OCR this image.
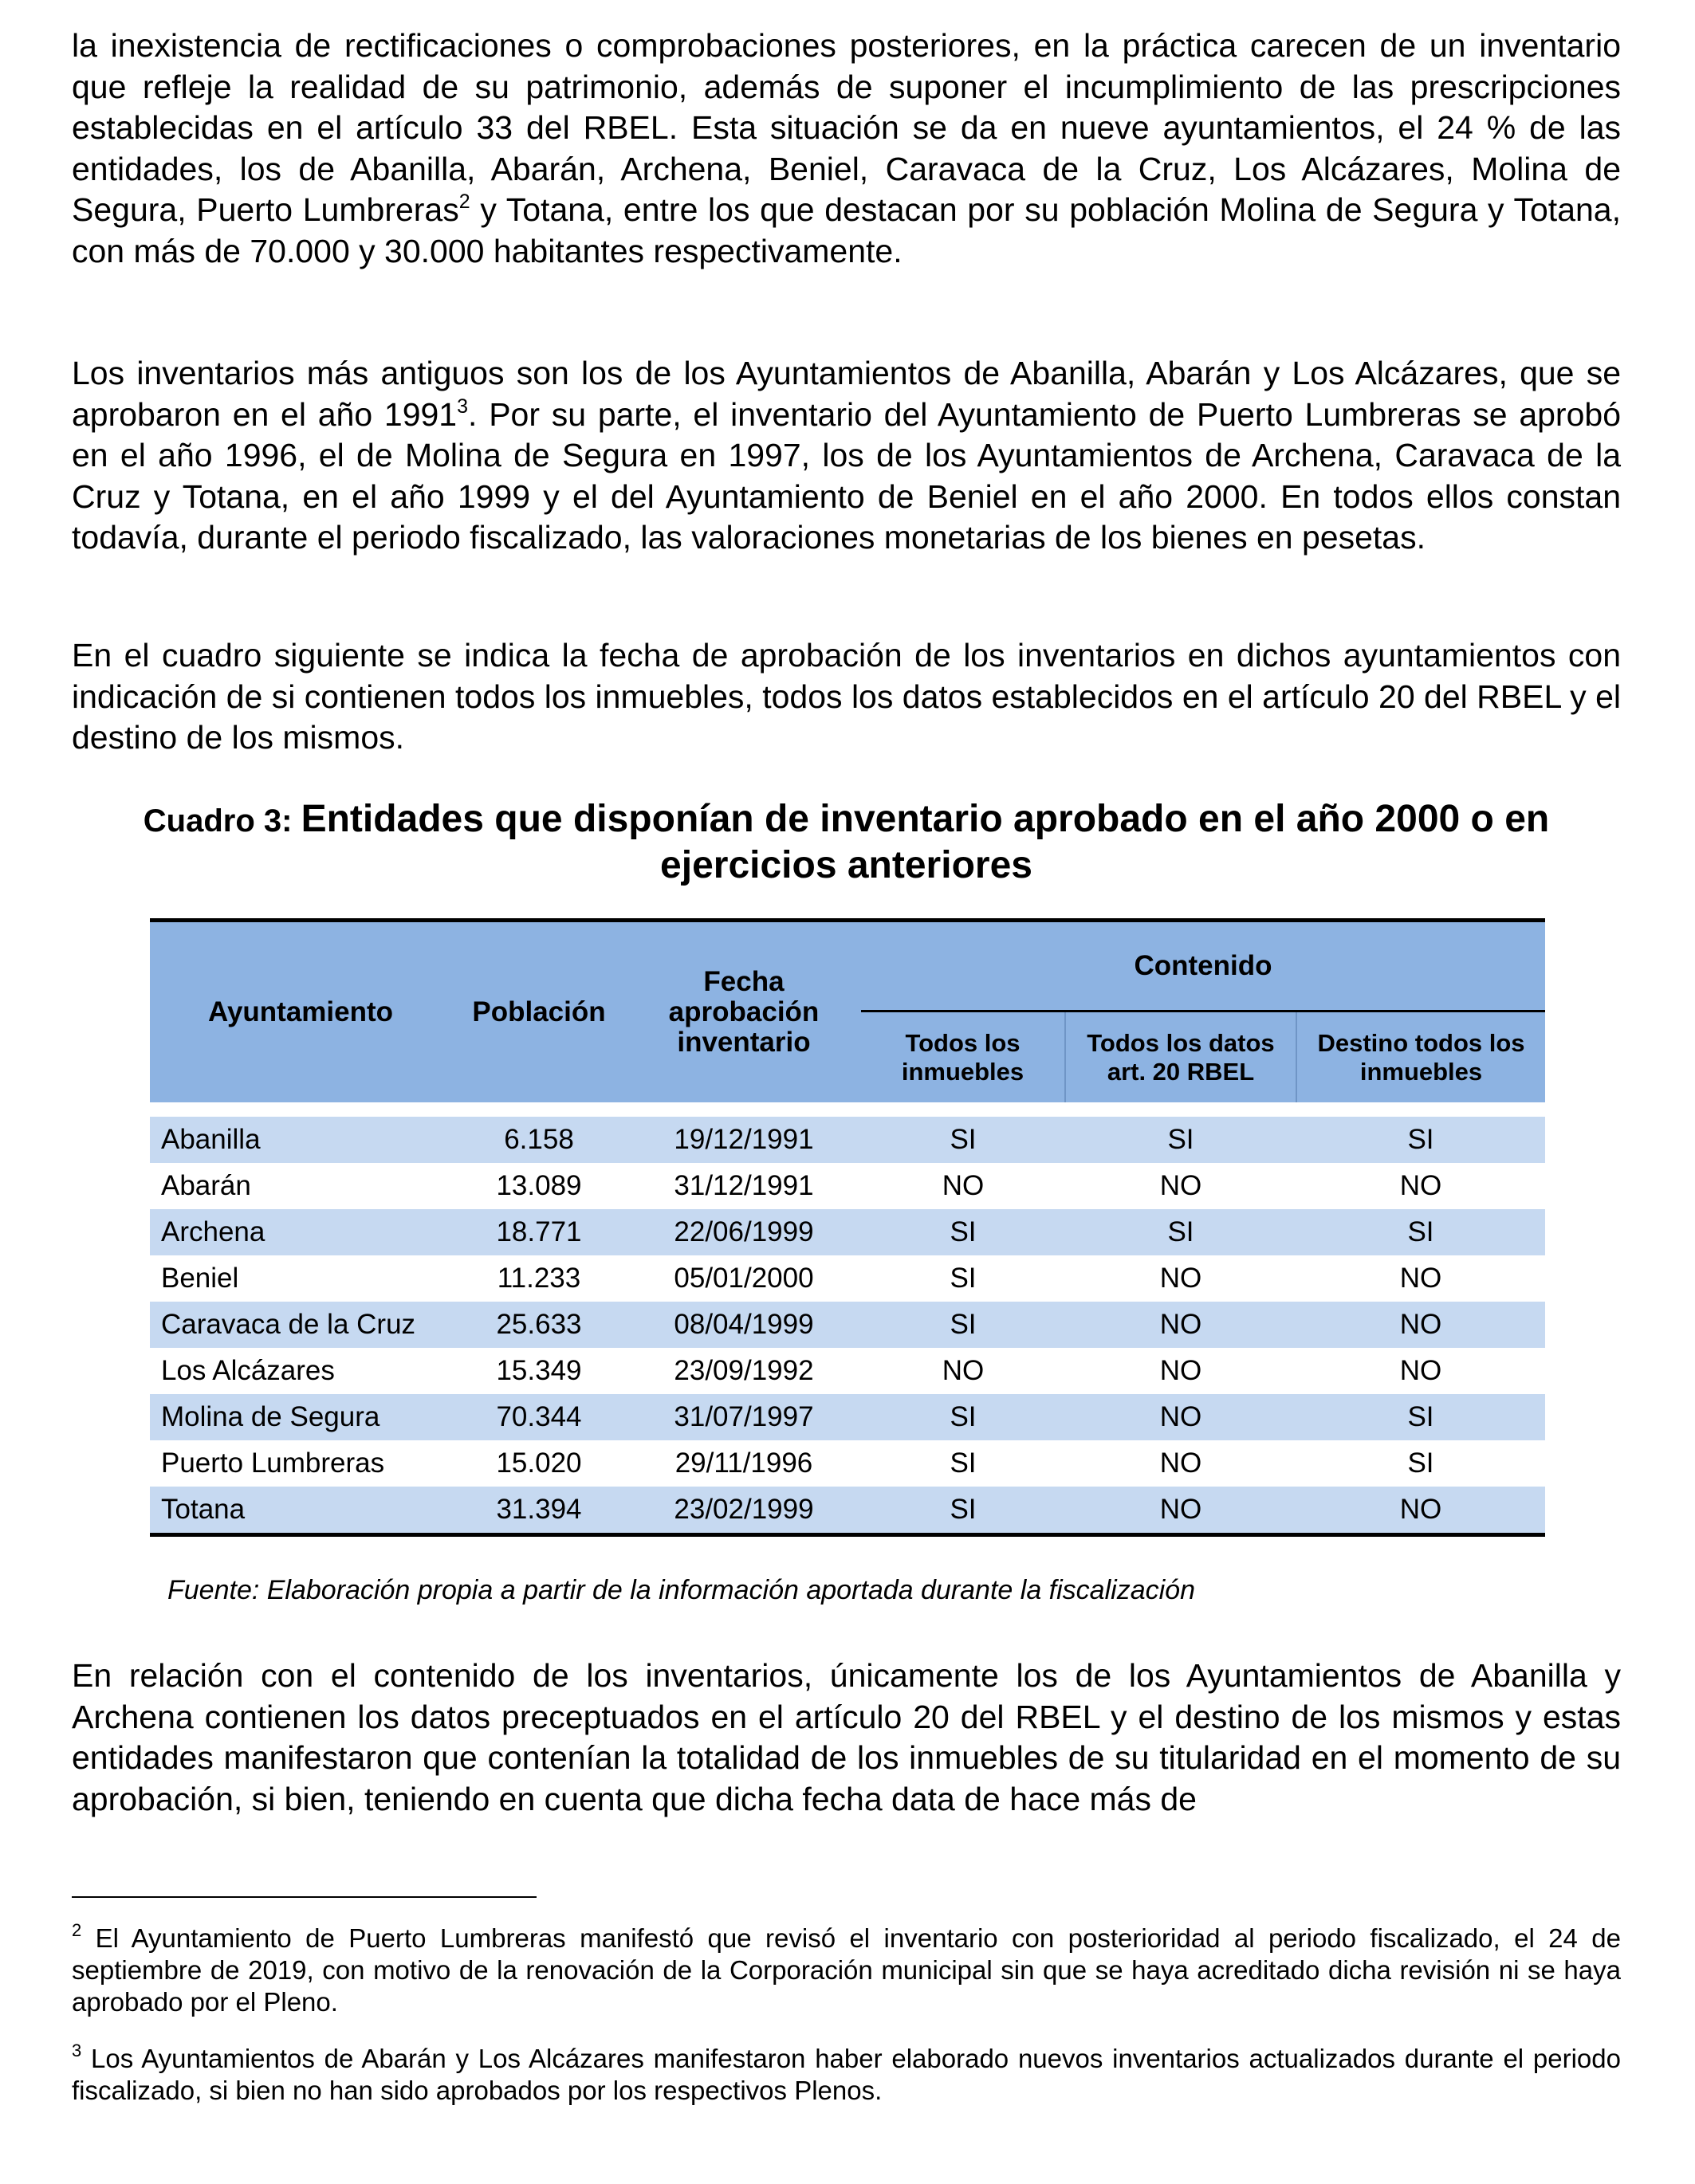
la inexistencia de rectificaciones o comprobaciones posteriores, en la práctica carecen de un inventario que refleje la realidad de su patrimonio, además de suponer el incumplimiento de las prescripciones establecidas en el artículo 33 del RBEL. Esta situación se da en nueve ayuntamientos, el 24 % de las entidades, los de Abanilla, Abarán, Archena, Beniel, Caravaca de la Cruz, Los Alcázares, Molina de Segura, Puerto Lumbreras$^2$ y Totana, entre los que destacan por su población Molina de Segura y Totana, con más de 70.000 y 30.000 habitantes respectivamente.

Los inventarios más antiguos son los de los Ayuntamientos de Abanilla, Abarán y Los Alcázares, que se aprobaron en el año 1991$^3$. Por su parte, el inventario del Ayuntamiento de Puerto Lumbreras se aprobó en el año 1996, el de Molina de Segura en 1997, los de los Ayuntamientos de Archena, Caravaca de la Cruz y Totana, en el año 1999 y el del Ayuntamiento de Beniel en el año 2000. En todos ellos constan todavía, durante el periodo fiscalizado, las valoraciones monetarias de los bienes en pesetas.

En el cuadro siguiente se indica la fecha de aprobación de los inventarios en dichos ayuntamientos con indicación de si contienen todos los inmuebles, todos los datos establecidos en el artículo 20 del RBEL y el destino de los mismos.

Cuadro 3: Entidades que disponían de inventario aprobado en el año 2000 o en ejercicios anteriores

Ayuntamiento	Población	Fecha aprobación inventario	Contenido		
			Todos los inmuebles	Todos los datos art. 20 RBEL	Destino todos los inmuebles

Abanilla	6.158	19/12/1991	SI	SI	SI
Abarán	13.089	31/12/1991	NO	NO	NO
Archena	18.771	22/06/1999	SI	SI	SI
Beniel	11.233	05/01/2000	SI	NO	NO
Caravaca de la Cruz	25.633	08/04/1999	SI	NO	NO
Los Alcázares	15.349	23/09/1992	NO	NO	NO
Molina de Segura	70.344	31/07/1997	SI	NO	SI
Puerto Lumbreras	15.020	29/11/1996	SI	NO	SI
Totana	31.394	23/02/1999	SI	NO	NO

Fuente: Elaboración propia a partir de la información aportada durante la fiscalización

En relación con el contenido de los inventarios, únicamente los de los Ayuntamientos de Abanilla y Archena contienen los datos preceptuados en el artículo 20 del RBEL y el destino de los mismos y estas entidades manifestaron que contenían la totalidad de los inmuebles de su titularidad en el momento de su aprobación, si bien, teniendo en cuenta que dicha fecha data de hace más de

$^2$ El Ayuntamiento de Puerto Lumbreras manifestó que revisó el inventario con posterioridad al periodo fiscalizado, el 24 de septiembre de 2019, con motivo de la renovación de la Corporación municipal sin que se haya acreditado dicha revisión ni se haya aprobado por el Pleno.

$^3$ Los Ayuntamientos de Abarán y Los Alcázares manifestaron haber elaborado nuevos inventarios actualizados durante el periodo fiscalizado, si bien no han sido aprobados por los respectivos Plenos.
